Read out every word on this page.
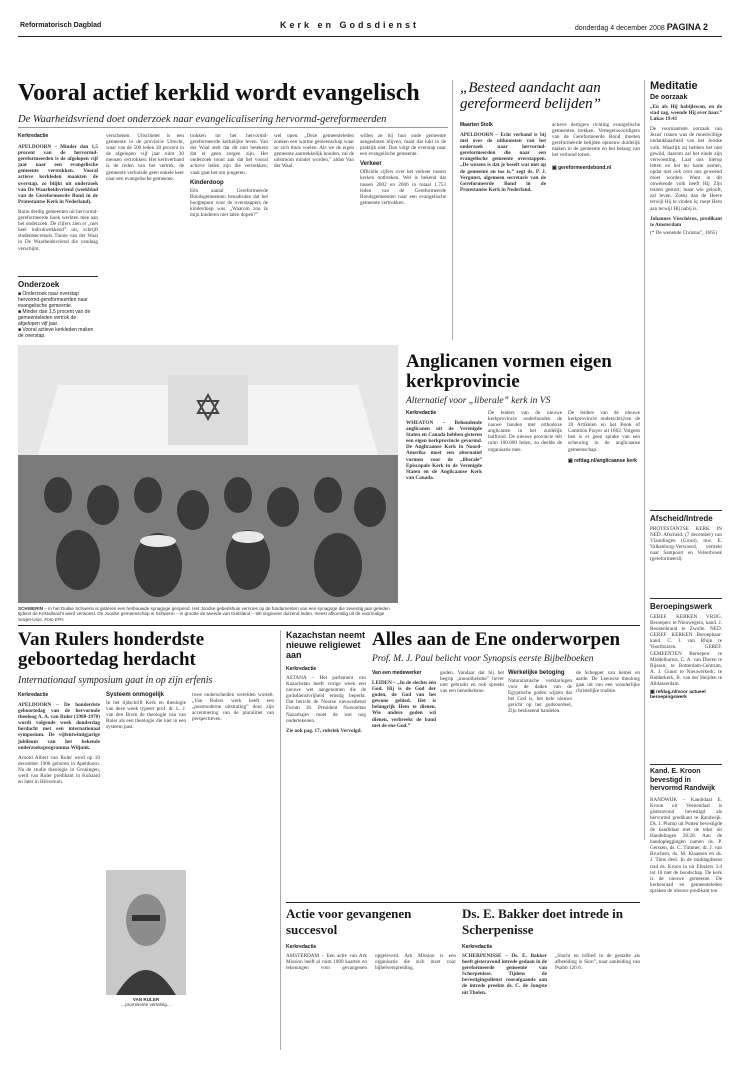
Reformatorisch Dagblad	Kerk en Godsdienst	donderdag 4 december 2008 PAGINA 2
Vooral actief kerklid wordt evangelisch
De Waarheidsvriend doet onderzoek naar evangelicalisering hervormd-gereformeerden
Kerkredactie
APELDOORN – Minder dan 1,5 procent van de hervormd-gereformeerden is de afgelopen vijf jaar naar een evangelische gemeente vertrokken. Vooral actieve kerkleden maakten de overstap, zo blijkt uit onderzoek van De Waarheidsvriend (weekblad van de Gereformeerde Bond in de Protestantse Kerk in Nederland).
Ruim derdig gemeenten uit hervormd-gereformeerde hoek werkten mee aan het onderzoek. De cijfers zien er „niet heel indrukwekkend” uit, schrijft studentsecretaris Tinnie van der Waal in De Waarheidsvriend die vandaag verschijnt.
Onderzoek
■ Onderzoek naar overstap hervormd-gereformeerden naar evangelische gemeente.
■ Minder dan 1,5 procent van de gemeenteleden vertrok de afgelopen vijf jaar.
■ Vooral actieve kerkleden maken de overstap.
verschenen. Uitschieter is een gemeente in de provincie Utrecht, waar van de 500 leden 30 procent in de afgelopen vijf jaar ruim 30 mensen vertrokken. Het kerkverband is de reden van het vertrek, de gemeente verhuisde geen enkele keer naar een evangelische gemeente.
trokken tot het hervormd-gereformeerde kerkelijke leven. Van der Waal stelt dat dit niet betekent dat er geen zorgen zijn. Het onderzoek toont aan dat het vooral actieve leden zijn die vertrekken; vaak gaat het om jongeren.
Kinderdoop
Eén aantal Gereformeerde Bondsgemeenten benadrukte dat het hoogtepunt voor de overstappers de kinderdoop was. „Waarom zou ik mijn kinderen niet laten dopen?”
wel open. „Deze gemeenteleden zoeken een warme gemeenschap waar ze zich thuis voelen. Als we de eigen gemeente aantrekkelijk houden, zal de uitstroom minder worden,” aldus Van der Waal.
willen ze bij hun oude gemeente aangesloten blijven, maar dat lukt in de praktijk niet. Dan volgt de overstap naar een evangelische gemeente.
Verkeer
Officiële cijfers over het verkeer tussen kerken ontbreken. Wel is bekend dat tussen 2002 en 2006 in totaal 1.753 leden van de Gereformeerde Bondsgemeenten naar een evangelische gemeente vertrokken.
„Besteed aandacht aan gereformeerd belijden”
Maarten Stolk
APELDOORN – Echt verband is bij mei over de uitkomsten van het onderzoek naar hervormd-gereformeerden die naar een evangelische gemeente overstappen. „De wezens is dat je beseft wat niet op de gemeente en toe is,” zegt ds. P. J. Vergunst, algemeen secretaris van de Gereformeerde Bond in de Protestantse Kerk in Nederland.
actieve dertigers richting evangelische gemeenten trekken. Vertegenwoordigers van de Gereformeerde Bond moeten gereformeerde belijden opnieuw duidelijk maken in de gemeente en het belang van het verbond tonen.
▣ gereformeerdebond.nl
Meditatie
De oorzaak
„En als Hij habijlewan, en de stad zag, weende Hij over haar.” Lukas 19:41
De voornaamste oorzaak van Jezus' tranen was de moedwillige ondankbaarheid van het Joodse volk. Waarlijk zij hebben het niet gewild, daarom zal het einde zijn verwoesting. Laat ons hierop letten en het ter harte nemen, opdat niet ook over ons geweend moet worden. Want in dit onwetende volk heeft Hij Zijn tranen gestort; maar wie gelooft, zal leven. Zoekt dan de Heere terwijl Hij te vinden is; roept Hem aan terwijl Hij nabij is.
Johannes Visschérus, predikant te Amsterdam
(* De wenende Christus”, 1665)
Afscheid/Intrede
PROTESTANTSE KERK IN NED. Afscheid: (7 december) van Vlaardingen (Groot), mw. E. Valkenburg-Verwoerd, vertrekt naar Santpoort en Velserbroek (gereformeerd).
Beroepingswerk
GEREF. KERKEN VRIJG. Beroepen: te Nieuwegein, kand. J. Roosenbrand te Zwolle. NED. GEREF. KERKEN Beroepbaar: kand. C. J. van Rhijn te Voorthuizen. GEREF. GEMEENTEN Beroepen: te Middelharnis, C. A. van Dieren te Rijssen; te Rotterdam-Centrum, A. J. Gunst te Nieuwerkerk; te Ridderkerk, B. van der Heijden te Alblasserdam.
▣ refdag.nl/voor actueel beroepingswerk
Kand. E. Kroon bevestigd in hervormd Randwijk
RANDWIJK – Kandidaat E. Kroon uit Veenendaal is gisteravond bevestigd als hervormd predikant te Randwijk. Ds. J. Plomp uit Putten bevestigde de kandidaat met de tekst uit Handelingen 20:28. Aan de handopleggingen namen ds. P. Gerssen, ds. C. Timmer, dr. J. van Bruchem, ds. M. Klaassen en ds. J. Tims deel. In de middagdienst trad ds. Kroon in uit Efeziers 3:4 tot 10 met de boodschap. De kerk is de nieuwe gemeente. De kerkenraad en gemeenteleden spraken de nieuwe predikant toe.
SCHWERIN – In het Duitse Schwerin is gisteren een herbouwde synagoge geopend. Het Joodse gebedshuis vernoes op de fundamenten van een synagoge die zeventig jaar geleden tijdens de Kristallnacht werd verwoest. De Joodse gemeenschap in Schwerin – in grootte de tweede van Duitsland – telt ongeveer duizend leden, meest afkomstig uit de voormalige Sovjet-Unie. Foto EPA
Anglicanen vormen eigen kerkprovincie
Alternatief voor „liberale” kerk in VS
Kerkredactie
WHEATON – Behoudende anglicanen uit de Verenigde Staten en Canada hebben gisteren een eigen kerkprovincie gevormd. De Anglicaanse Kerk in Noord-Amerika moet een alternatief vormen voor de „liberale” Episcopale Kerk in de Verenigde Staten en de Anglicaanse Kerk van Canada.
De leiders van de nieuwe kerkprovincie onderhouden de nauwe banden met orthodoxe anglicanen in het zuidelijk halfrond. De nieuwe provincie telt ruim 100.000 leden, zo deelde de organisatie mee.
De leiders van de nieuwe kerkprovincie onderschrijven de 39 Artikelen en het Book of Common Prayer uit 1662. Volgens hen is er geen sprake van een scheuring in de anglicaanse gemeenschap.
▣ refdag.nl/anglicaanse kerk
Van Rulers honderdste geboortedag herdacht
Internationaal symposium gaat in op zijn erfenis
Kerkredactie
APELDOORN – De honderdste geboortedag van de hervormde theoloog A. A. van Ruler (1908-1970) wordt volgende week donderdag herdacht met een internationaal symposium. De vijfentwintigjarige jubileum van het bekende onderzoeksprogramma Wiljunk.
Arnold Albert van Ruler werd op 10 december 1908 geboren in Apeldoorn. Na de studie theologie in Groningen, werd van Ruler predikant in Kubaard en later in Hilversum.
Systeem onmogelijk
In het tijdschrift Kerk en theologie van deze week typeert prof. dr. L. J. van den Brom de theologie van van Ruler als een theologie die niet in een systeem past.
VAN RULER
…prominente vertaling…
twee onderscheiden werelden wortelt. „Van Rulers werk heeft een „postmoderne uitstraling” door zijn accentuering van de pluralitiet van perspectieven.
Kazachstan neemt nieuwe religiewet aan
Kerkredactie
ASTANA – Het parlement van Kazachstan heeft vorige week een nieuwe wet aangenomen die de godsdienstvrijheid ernstig beperkt. Dat bericht de Noorse nieuwsdienst Forum 18. President Nursoeltan Nazarbajev moet de wet nog ondertekenen.
Zie ook pag. 17, rubriek Vervolgd.
Alles aan de Ene onderworpen
Prof. M. J. Paul belicht voor Synopsis eerste Bijbelboeken
Van een medewerker
LEIDEN – „In de slechts één God. Hij is de God der goden, de God van het gewone gebied. Het is belangrijk Hem te dienen. Wie andere goden wil dienen, verbreekt de band met de ene God.”
goden. Vandaar dat hij het begrip „monotheïsme” liever niet gebruikt en ook spreekt van een henotheïsme.
Werkelijke betoging
Naturalistische verklaringen voor de daden van de Egyptische goden wijzen dat het God is, het hele nieuws gericht op het godsoordeel, Zijn beslissend handelen.
de Schepper van hemel en aarde. De Leeuwse theoloog gaat uit van een wonderlijke christelijke traditie.
Actie voor gevangenen succesvol
Kerkredactie
AMSTERDAM – Een actie van Ark Mission heeft al ruim 1000 kaarten en tekeningen voor gevangenen opgeleverd. Ark Mission is een organisatie die zich inzet voor bijbelverspreiding.
Ds. E. Bakker doet intrede in Scherpenisse
Kerkredactie
SCHERPENISSE – Ds. E. Bakker heeft gisteravond intrede gedaan in de gereformeerde gemeente van Scherpenisse. Tijdens de bevestigingsdienst voorafgaande aan de intrede preekte ds. C. de Jongste uit Tholen.
„Slacht en loflied in de gestalte als afbeelding in Sion”, naar aanleiding van Psalm 126:6.
